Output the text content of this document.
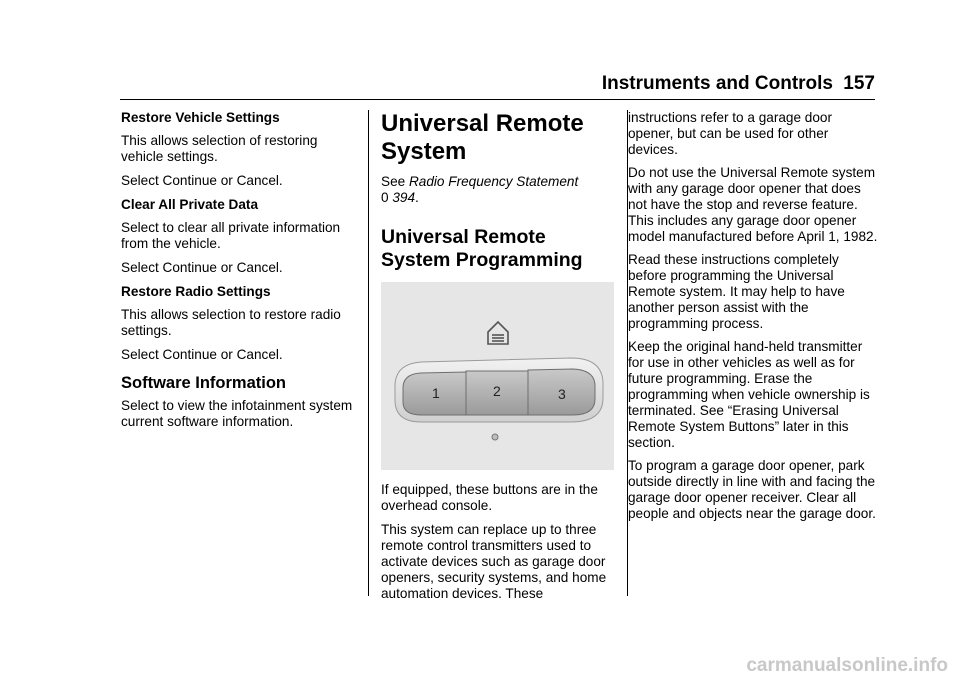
Instruments and Controls 157

Restore Vehicle Settings

This allows selection of restoring vehicle settings.

Select Continue or Cancel.

Clear All Private Data

Select to clear all private information from the vehicle.

Select Continue or Cancel.

Restore Radio Settings

This allows selection to restore radio settings.

Select Continue or Cancel.

Software Information

Select to view the infotainment system current software information.

Universal Remote System

See Radio Frequency Statement
0 394.

Universal Remote System Programming

1	2	3

If equipped, these buttons are in the overhead console.

This system can replace up to three remote control transmitters used to activate devices such as garage door openers, security systems, and home automation devices. These

instructions refer to a garage door opener, but can be used for other devices.

Do not use the Universal Remote system with any garage door opener that does not have the stop and reverse feature. This includes any garage door opener model manufactured before April 1, 1982.

Read these instructions completely before programming the Universal Remote system. It may help to have another person assist with the programming process.

Keep the original hand-held transmitter for use in other vehicles as well as for future programming. Erase the programming when vehicle ownership is terminated. See “Erasing Universal Remote System Buttons” later in this section.

To program a garage door opener, park outside directly in line with and facing the garage door opener receiver. Clear all people and objects near the garage door.

carmanualsonline.info
